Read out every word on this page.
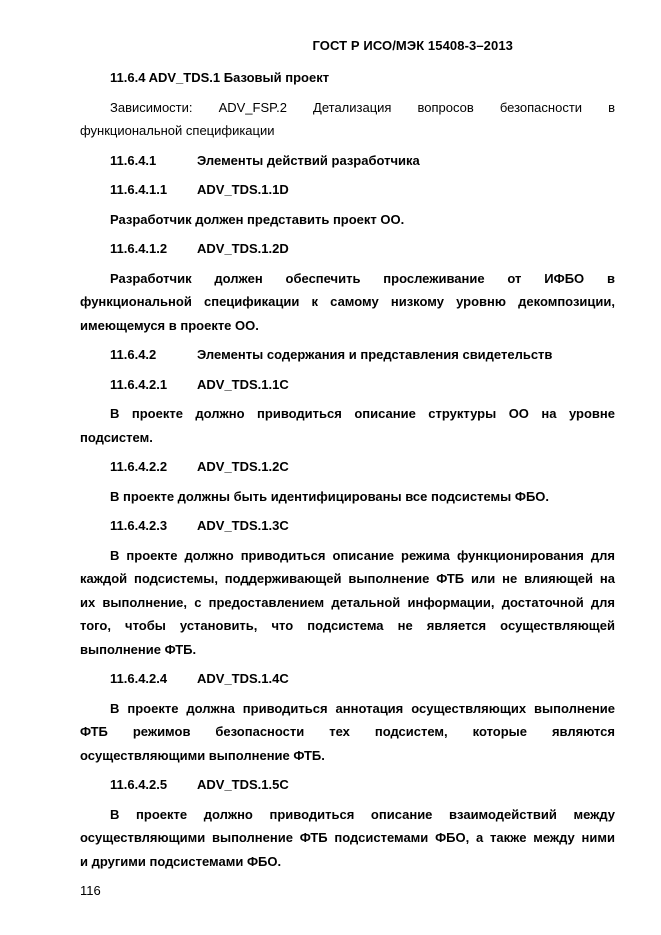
ГОСТ Р ИСО/МЭК 15408-3–2013
11.6.4 ADV_TDS.1 Базовый проект
Зависимости: ADV_FSP.2 Детализация вопросов безопасности в
функциональной спецификации
11.6.4.1	Элементы действий разработчика
11.6.4.1.1 ADV_TDS.1.1D
Разработчик должен представить проект ОО.
11.6.4.1.2 ADV_TDS.1.2D
Разработчик должен обеспечить прослеживание от ИФБО в
функциональной спецификации к самому низкому уровню декомпозиции,
имеющемуся в проекте ОО.
11.6.4.2	Элементы содержания и представления свидетельств
11.6.4.2.1 ADV_TDS.1.1C
В проекте должно приводиться описание структуры ОО на уровне
подсистем.
11.6.4.2.2 ADV_TDS.1.2C
В проекте должны быть идентифицированы все подсистемы ФБО.
11.6.4.2.3 ADV_TDS.1.3C
В проекте должно приводиться описание режима функционирования для
каждой подсистемы, поддерживающей выполнение ФТБ или не влияющей на
их выполнение, с предоставлением детальной информации, достаточной для
того, чтобы установить, что подсистема не является осуществляющей
выполнение ФТБ.
11.6.4.2.4 ADV_TDS.1.4C
В проекте должна приводиться аннотация осуществляющих выполнение
ФТБ режимов безопасности тех подсистем, которые являются
осуществляющими выполнение ФТБ.
11.6.4.2.5 ADV_TDS.1.5C
В проекте должно приводиться описание взаимодействий между
осуществляющими выполнение ФТБ подсистемами ФБО, а также между ними
и другими подсистемами ФБО.
116
